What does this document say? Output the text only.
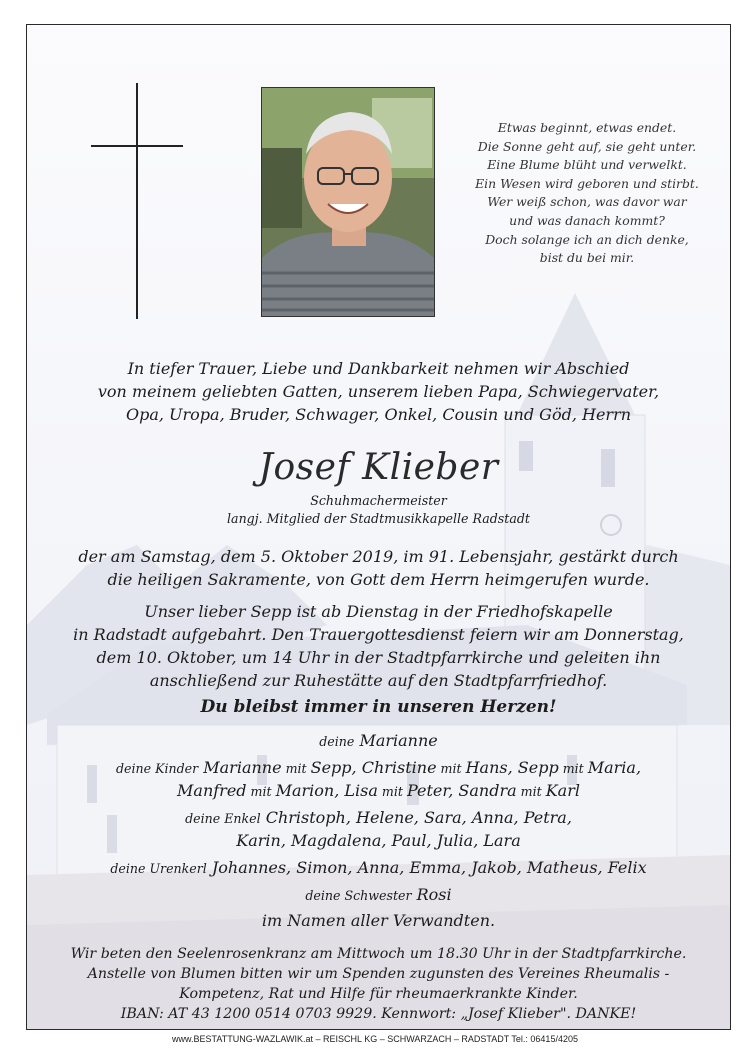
Etwas beginnt, etwas endet.
Die Sonne geht auf, sie geht unter.
Eine Blume blüht und verwelkt.
Ein Wesen wird geboren und stirbt.
Wer weiß schon, was davor war
und was danach kommt?
Doch solange ich an dich denke,
bist du bei mir.
In tiefer Trauer, Liebe und Dankbarkeit nehmen wir Abschied
von meinem geliebten Gatten, unserem lieben Papa, Schwiegervater,
Opa, Uropa, Bruder, Schwager, Onkel, Cousin und Göd, Herrn
Josef Klieber
Schuhmachermeister
langj. Mitglied der Stadtmusikkapelle Radstadt
der am Samstag, dem 5. Oktober 2019, im 91. Lebensjahr, gestärkt durch
die heiligen Sakramente, von Gott dem Herrn heimgerufen wurde.
Unser lieber Sepp ist ab Dienstag in der Friedhofskapelle
in Radstadt aufgebahrt. Den Trauergottesdienst feiern wir am Donnerstag,
dem 10. Oktober, um 14 Uhr in der Stadtpfarrkirche und geleiten ihn
anschließend zur Ruhestätte auf den Stadtpfarrfriedhof.
Du bleibst immer in unseren Herzen!
deine Marianne
deine Kinder Marianne mit Sepp, Christine mit Hans, Sepp mit Maria,
Manfred mit Marion, Lisa mit Peter, Sandra mit Karl
deine Enkel Christoph, Helene, Sara, Anna, Petra,
Karin, Magdalena, Paul, Julia, Lara
deine Urenkerl Johannes, Simon, Anna, Emma, Jakob, Matheus, Felix
deine Schwester Rosi
im Namen aller Verwandten.
Wir beten den Seelenrosenkranz am Mittwoch um 18.30 Uhr in der Stadtpfarrkirche.
Anstelle von Blumen bitten wir um Spenden zugunsten des Vereines Rheumalis -
Kompetenz, Rat und Hilfe für rheumaerkrankte Kinder.
IBAN: AT 43 1200 0514 0703 9929. Kennwort: „Josef Klieber". DANKE!
www.BESTATTUNG-WAZLAWIK.at – REISCHL KG – SCHWARZACH – RADSTADT Tel.: 06415/4205
